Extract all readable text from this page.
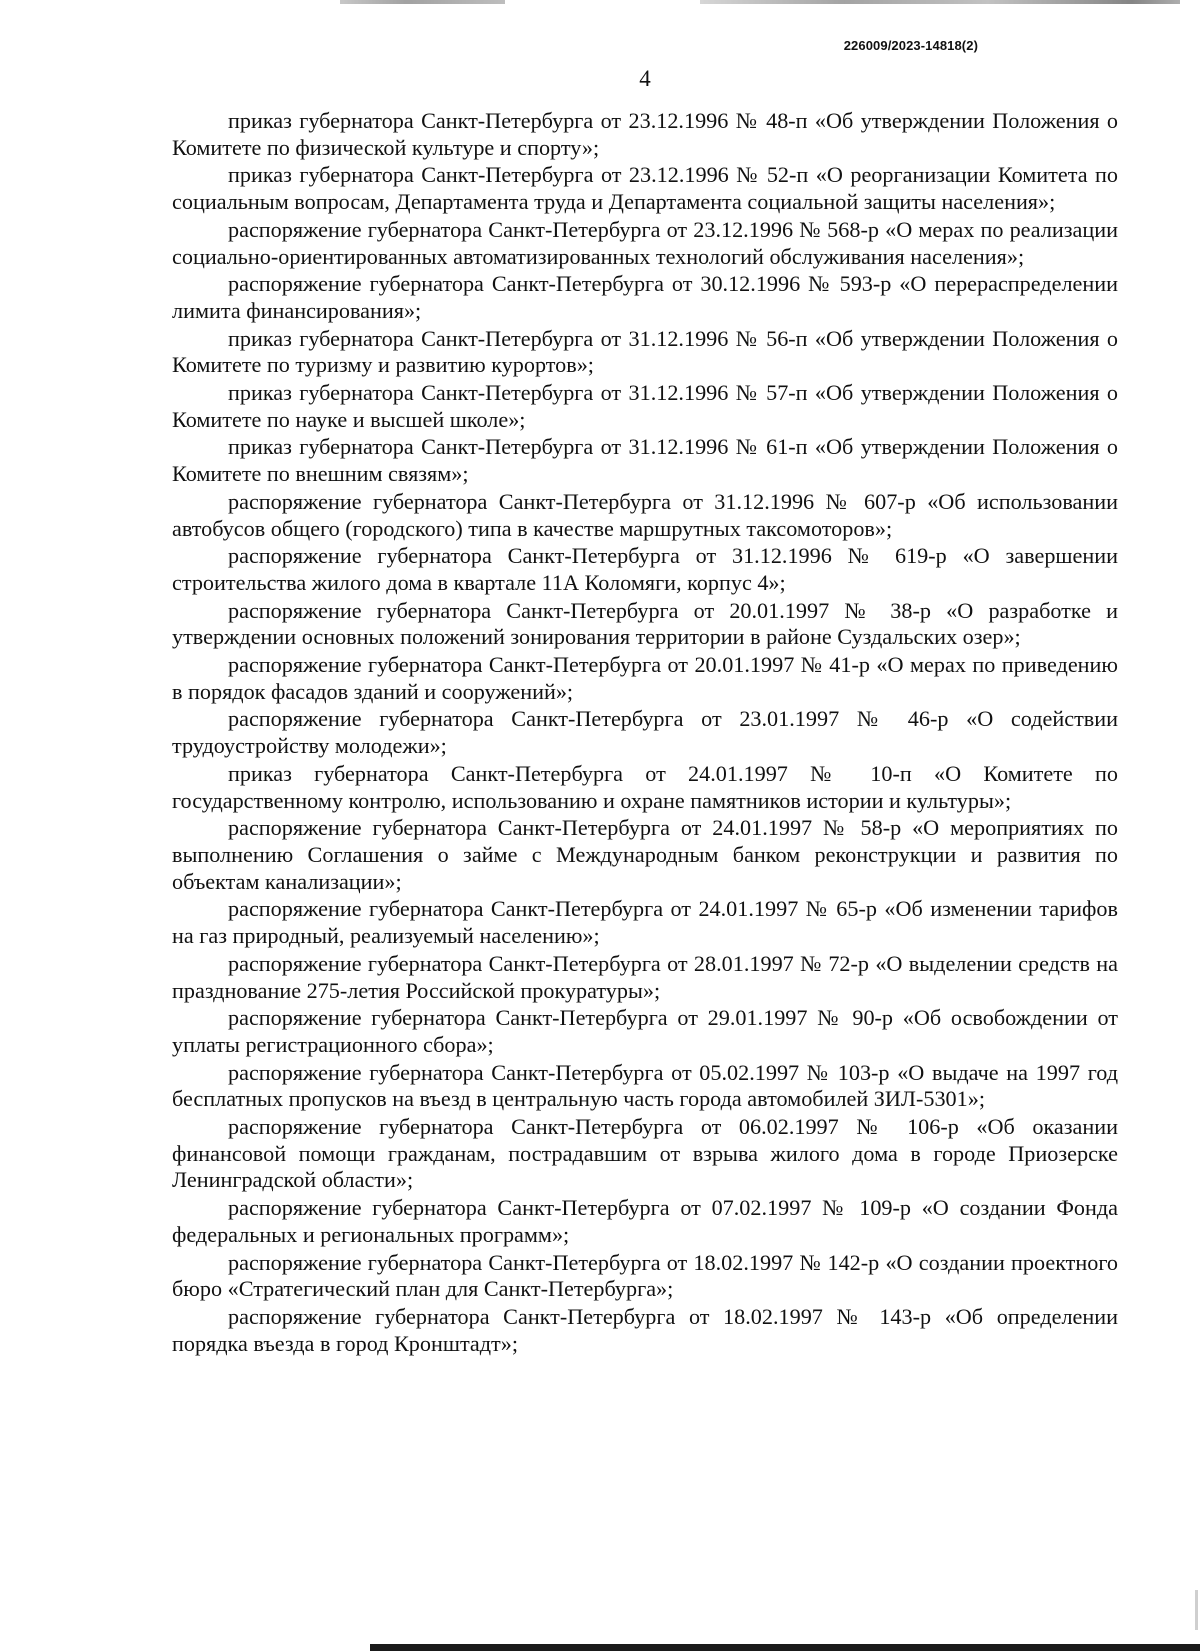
226009/2023-14818(2)
4

приказ губернатора Санкт-Петербурга от 23.12.1996 № 48-п «Об утверждении Положения о Комитете по физической культуре и спорту»;

приказ губернатора Санкт-Петербурга от 23.12.1996 № 52-п «О реорганизации Комитета по социальным вопросам, Департамента труда и Департамента социальной защиты населения»;

распоряжение губернатора Санкт-Петербурга от 23.12.1996 № 568-р «О мерах по реализации социально-ориентированных автоматизированных технологий обслуживания населения»;

распоряжение губернатора Санкт-Петербурга от 30.12.1996 № 593-р «О перераспределении лимита финансирования»;

приказ губернатора Санкт-Петербурга от 31.12.1996 № 56-п «Об утверждении Положения о Комитете по туризму и развитию курортов»;

приказ губернатора Санкт-Петербурга от 31.12.1996 № 57-п «Об утверждении Положения о Комитете по науке и высшей школе»;

приказ губернатора Санкт-Петербурга от 31.12.1996 № 61-п «Об утверждении Положения о Комитете по внешним связям»;

распоряжение губернатора Санкт-Петербурга от 31.12.1996 № 607-р «Об использовании автобусов общего (городского) типа в качестве маршрутных таксомоторов»;

распоряжение губернатора Санкт-Петербурга от 31.12.1996 № 619-р «О завершении строительства жилого дома в квартале 11А Коломяги, корпус 4»;

распоряжение губернатора Санкт-Петербурга от 20.01.1997 № 38-р «О разработке и утверждении основных положений зонирования территории в районе Суздальских озер»;

распоряжение губернатора Санкт-Петербурга от 20.01.1997 № 41-р «О мерах по приведению в порядок фасадов зданий и сооружений»;

распоряжение губернатора Санкт-Петербурга от 23.01.1997 № 46-р «О содействии трудоустройству молодежи»;

приказ губернатора Санкт-Петербурга от 24.01.1997 № 10-п «О Комитете по государственному контролю, использованию и охране памятников истории и культуры»;

распоряжение губернатора Санкт-Петербурга от 24.01.1997 № 58-р «О мероприятиях по выполнению Соглашения о займе с Международным банком реконструкции и развития по объектам канализации»;

распоряжение губернатора Санкт-Петербурга от 24.01.1997 № 65-р «Об изменении тарифов на газ природный, реализуемый населению»;

распоряжение губернатора Санкт-Петербурга от 28.01.1997 № 72-р «О выделении средств на празднование 275-летия Российской прокуратуры»;

распоряжение губернатора Санкт-Петербурга от 29.01.1997 № 90-р «Об освобождении от уплаты регистрационного сбора»;

распоряжение губернатора Санкт-Петербурга от 05.02.1997 № 103-р «О выдаче на 1997 год бесплатных пропусков на въезд в центральную часть города автомобилей ЗИЛ-5301»;

распоряжение губернатора Санкт-Петербурга от 06.02.1997 № 106-р «Об оказании финансовой помощи гражданам, пострадавшим от взрыва жилого дома в городе Приозерске Ленинградской области»;

распоряжение губернатора Санкт-Петербурга от 07.02.1997 № 109-р «О создании Фонда федеральных и региональных программ»;

распоряжение губернатора Санкт-Петербурга от 18.02.1997 № 142-р «О создании проектного бюро «Стратегический план для Санкт-Петербурга»;

распоряжение губернатора Санкт-Петербурга от 18.02.1997 № 143-р «Об определении порядка въезда в город Кронштадт»;
